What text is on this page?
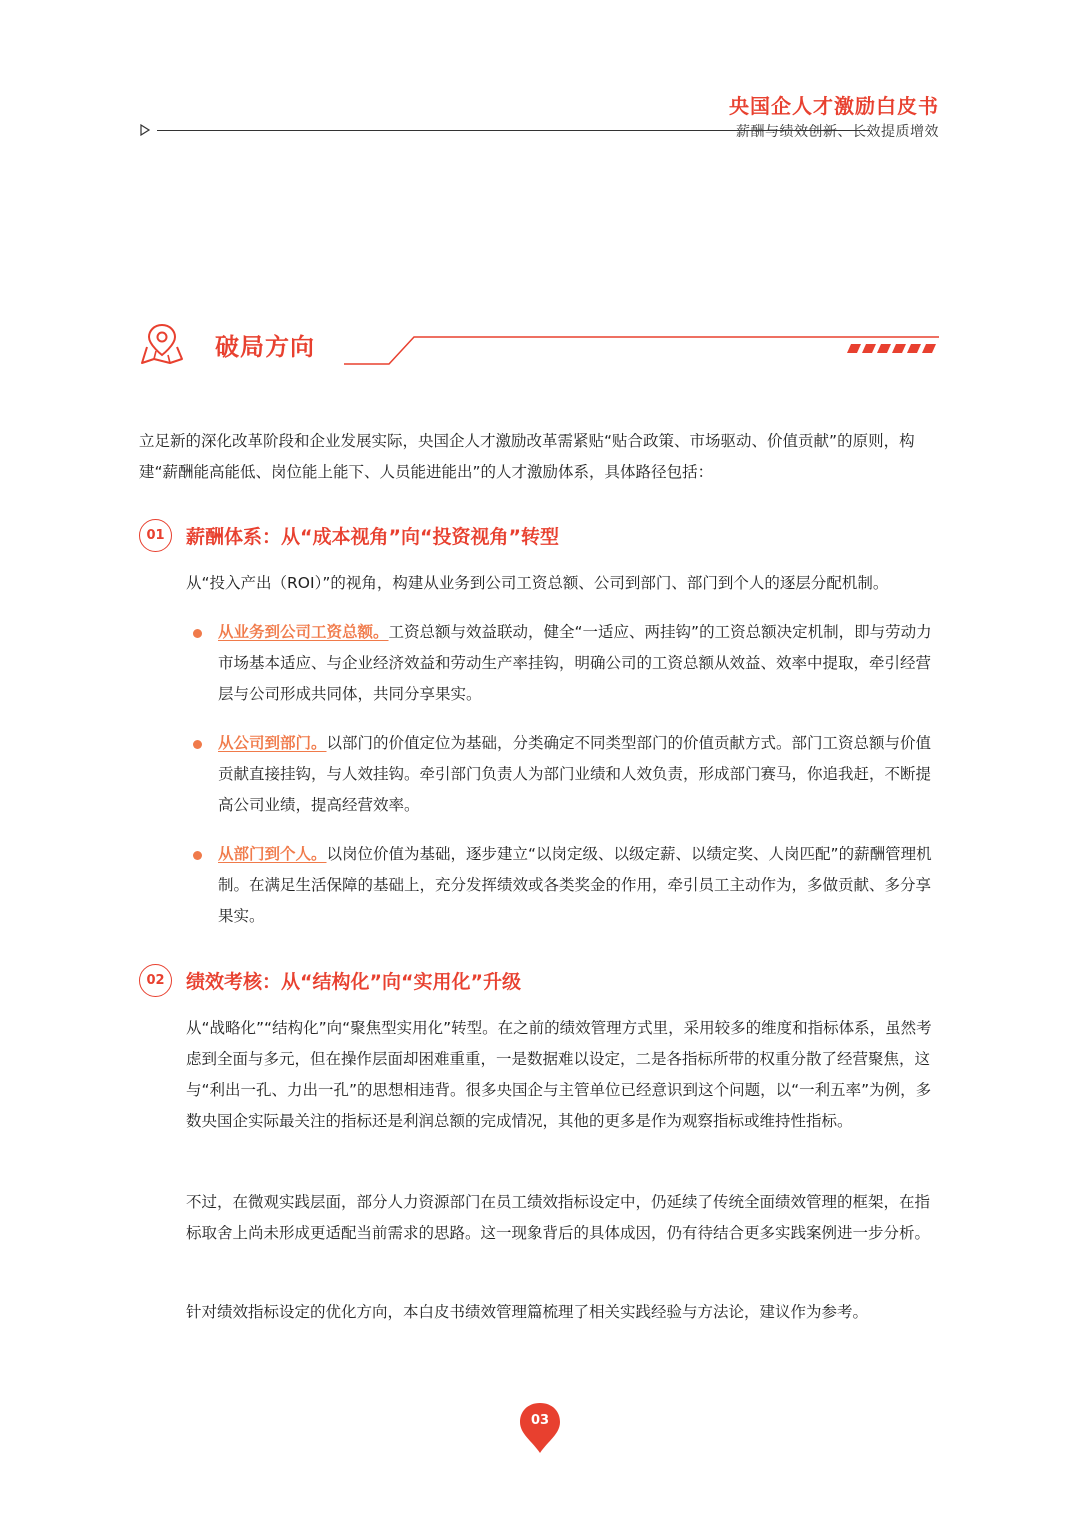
央国企人才激励白皮书
薪酬与绩效创新、长效提质增效
破局方向

立足新的深化改革阶段和企业发展实际，央国企人才激励改革需紧贴“贴合政策、市场驱动、价值贡献”的原则，构建“薪酬能高能低、岗位能上能下、人员能进能出”的人才激励体系，具体路径包括：

01	薪酬体系：从“成本视角”向“投资视角”转型

从“投入产出（ROI）”的视角，构建从业务到公司工资总额、公司到部门、部门到个人的逐层分配机制。

从业务到公司工资总额。工资总额与效益联动，健全“一适应、两挂钩”的工资总额决定机制，即与劳动力市场基本适应、与企业经济效益和劳动生产率挂钩，明确公司的工资总额从效益、效率中提取，牵引经营层与公司形成共同体，共同分享果实。
从公司到部门。以部门的价值定位为基础，分类确定不同类型部门的价值贡献方式。部门工资总额与价值贡献直接挂钩，与人效挂钩。牵引部门负责人为部门业绩和人效负责，形成部门赛马，你追我赶，不断提高公司业绩，提高经营效率。
从部门到个人。以岗位价值为基础，逐步建立“以岗定级、以级定薪、以绩定奖、人岗匹配”的薪酬管理机制。在满足生活保障的基础上，充分发挥绩效或各类奖金的作用，牵引员工主动作为，多做贡献、多分享果实。
02	绩效考核：从“结构化”向“实用化”升级

从“战略化”“结构化”向“聚焦型实用化”转型。在之前的绩效管理方式里，采用较多的维度和指标体系，虽然考虑到全面与多元，但在操作层面却困难重重，一是数据难以设定，二是各指标所带的权重分散了经营聚焦，这与“利出一孔、力出一孔”的思想相违背。很多央国企与主管单位已经意识到这个问题，以“一利五率”为例，多数央国企实际最关注的指标还是利润总额的完成情况，其他的更多是作为观察指标或维持性指标。

不过，在微观实践层面，部分人力资源部门在员工绩效指标设定中，仍延续了传统全面绩效管理的框架，在指标取舍上尚未形成更适配当前需求的思路。这一现象背后的具体成因，仍有待结合更多实践案例进一步分析。

针对绩效指标设定的优化方向，本白皮书绩效管理篇梳理了相关实践经验与方法论，建议作为参考。

03
